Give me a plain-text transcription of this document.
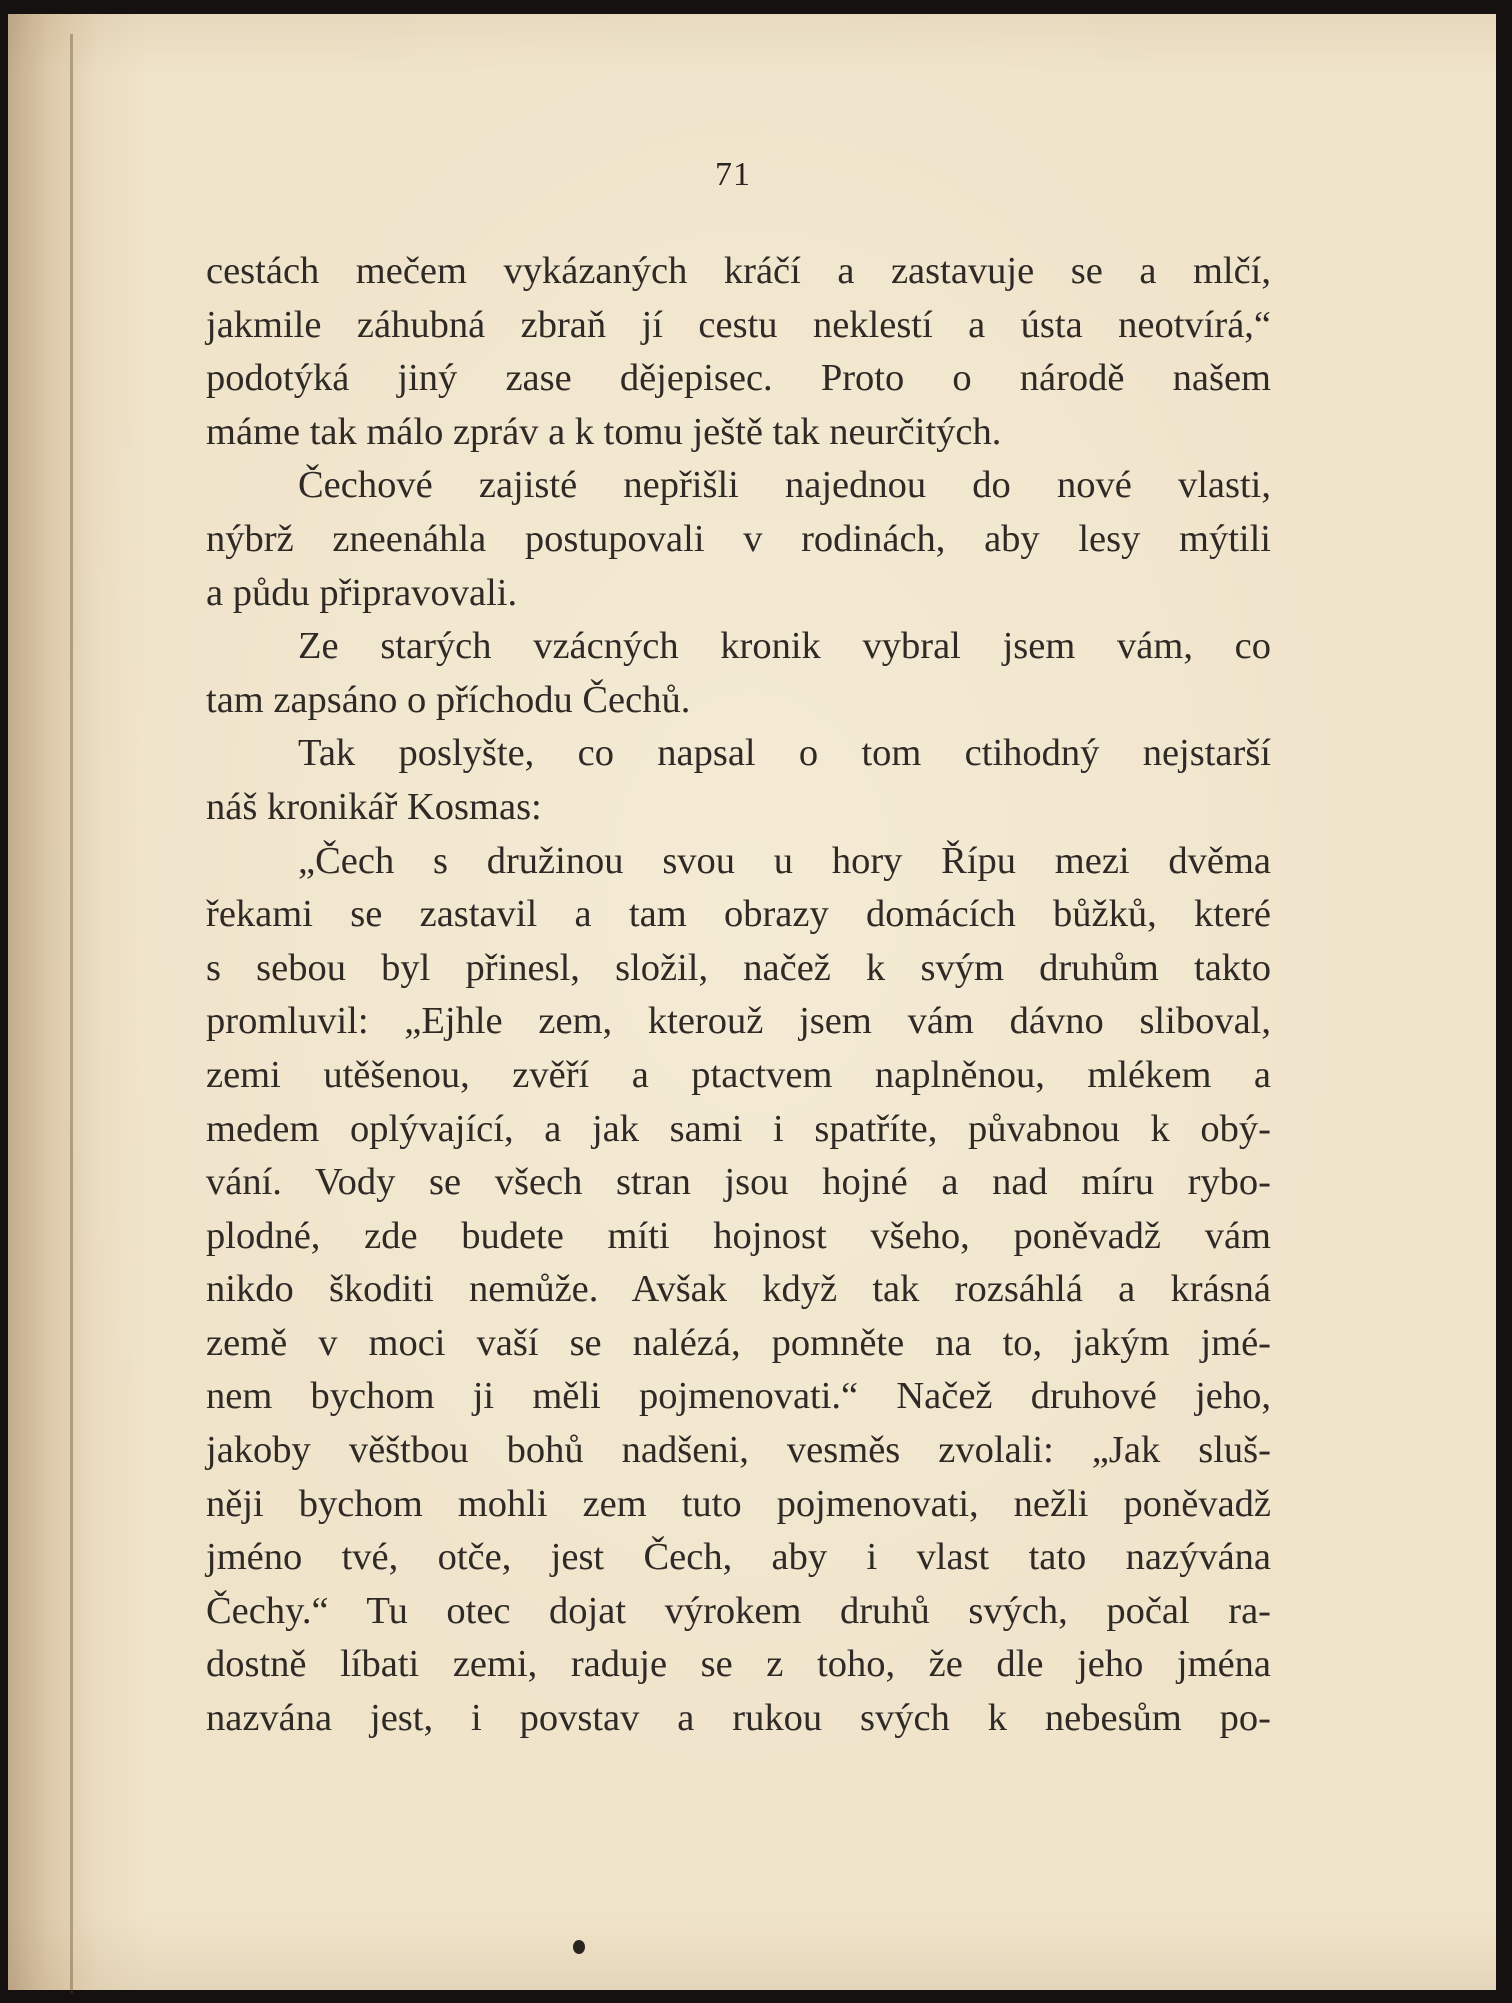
71
cestách mečem vykázaných kráčí a zastavuje se a mlčí,
jakmile záhubná zbraň jí cestu neklestí a ústa neotvírá,“
podotýká jiný zase dějepisec. Proto o národě našem
máme tak málo zpráv a k tomu ještě tak neurčitých.
Čechové zajisté nepřišli najednou do nové vlasti,
nýbrž zneenáhla postupovali v rodinách, aby lesy mýtili
a půdu připravovali.
Ze starých vzácných kronik vybral jsem vám, co
tam zapsáno o příchodu Čechů.
Tak poslyšte, co napsal o tom ctihodný nejstarší
náš kronikář Kosmas:
„Čech s družinou svou u hory Řípu mezi dvěma
řekami se zastavil a tam obrazy domácích bůžků, které
s sebou byl přinesl, složil, načež k svým druhům takto
promluvil: „Ejhle zem, kterouž jsem vám dávno sliboval,
zemi utěšenou, zvěří a ptactvem naplněnou, mlékem a
medem oplývající, a jak sami i spatříte, půvabnou k obý-
vání. Vody se všech stran jsou hojné a nad míru rybo-
plodné, zde budete míti hojnost všeho, poněvadž vám
nikdo škoditi nemůže. Avšak když tak rozsáhlá a krásná
země v moci vaší se nalézá, pomněte na to, jakým jmé-
nem bychom ji měli pojmenovati.“ Načež druhové jeho,
jakoby věštbou bohů nadšeni, vesměs zvolali: „Jak sluš-
něji bychom mohli zem tuto pojmenovati, nežli poněvadž
jméno tvé, otče, jest Čech, aby i vlast tato nazývána
Čechy.“ Tu otec dojat výrokem druhů svých, počal ra-
dostně líbati zemi, raduje se z toho, že dle jeho jména
nazvána jest, i povstav a rukou svých k nebesům po-
